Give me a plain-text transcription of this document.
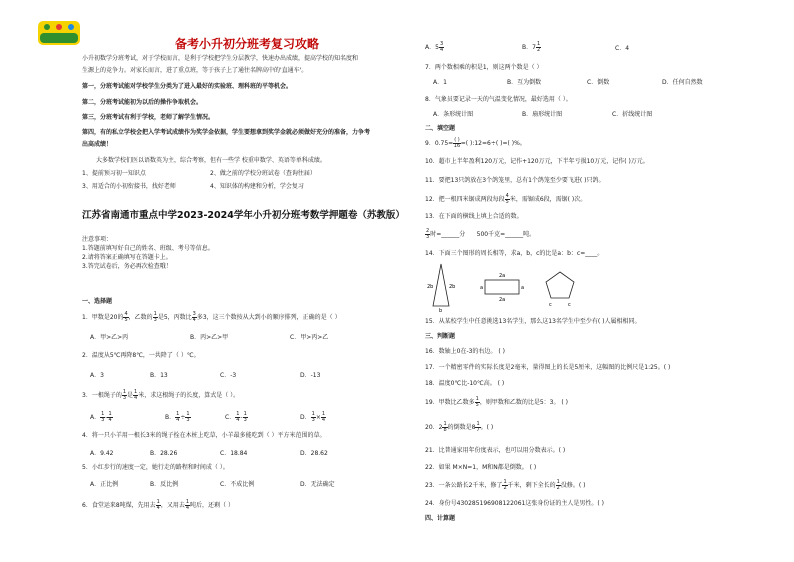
备考小升初分班考复习攻略
小升初数学分班考试，对于学校而言，是利于学校把学生分层教学，快速办出成绩，提高学校的知名度和
生源上的竞争力。对家长而言，进了重点班，等于孩子上了通往名牌高中的'直通车'。
第一，分班考试能对学校学生分类为了进入最好的实验班、理科班的平等机会。
第二，分班考试能初为以后的操作争取机会。
第三，分班考试有利于学校，老师了解学生情况。
第四，有的私立学校会把入学考试成绩作为奖学金依据，学生要想拿到奖学金就必须做好充分的准备，力争考
出高成绩！
大多数学校们医以语数英为主，综合考察，但有一些学 校重申数学、英语等单科成绩。
1、提前预习初一知识点	2、做之前的学校分班试卷（查询往届）
3、用适合的小初衔接书，找好老师	4、知识体的构建和分析，学会复习
江苏省南通市重点中学2023-2024学年小升初分班考数学押题卷（苏教版）
注意事项：
1.答题前填写好自己的姓名、班级、考号等信息。
2.请将答案正确填写在答题卡上。
3.答完试卷后，务必再次检查哦！
一、选择题
1．甲数是20的 $\frac{4}{5}$ ，乙数的 $\frac{1}{3}$ 是5，丙数比 $\frac{3}{4}$ 多3，这三个数按从大到小的顺序排列，正确的是（ ）
A．甲>乙>丙	B．丙>乙>甲	C．甲>丙>乙
2．温度从5℃再降8℃，一共降了（ ）℃。
A．3	B．13	C．-3	D．-13
3．一根绳子的 $\frac{1}{3}$ 是 $\frac{1}{4}$ 米，求这根绳子的长度，算式是（ ）。
A． $\frac{1}{3} - \frac{1}{4}$	B． $\frac{1}{4} \div \frac{1}{3}$	C． $\frac{1}{4} - \frac{1}{3}$	D． $\frac{1}{3} \times \frac{1}{4}$
4．将一只小羊用一根长3米的绳子拴在木桩上吃草，小羊最多能吃到（ ）平方米范围的草。
A．9.42	B．28.26	C．18.84	D．28.62
5．小红步行的速度一定，她行走的路程和时间成（ ）。
A．正比例	B．反比例	C．不成比例	D．无法确定
6．食堂运来8吨煤，先用去 $\frac{1}{4}$ ，又用去 $\frac{1}{4}$ 吨后，还剩（ ）
A．$5 \frac{3}{4}$	B．$7 \frac{1}{2}$	C．4
7．两个数相乘的积是1，则这两个数是（ ）
A．1	B．互为倒数	C．倒数	D．任何自然数
8．气象员要记录一天的气温变化情况，最好选用（ ）。
A．条形统计图	B．扇形统计图	C．折线统计图
二、填空题
9．$0.75= \frac{( )}{16}$ =( ):12=6÷( )=( )%。
10．超市上半年盈利120万元，记作+120万元，下半年亏损10万元，记作( )万元。
11．要把13只鸽放在3个鸽笼里，总有1个鸽笼至少要飞进( )只鸽。
12．把一根四米锯成两段每段 $\frac{4}{5}$ 米，需锯成6段，需锯( )次。
13．在下面的横线上填上合适的数。
$\frac{2}{3}$ 时=______分 500千克=______吨。
14．下面三个图形的周长相等，求a，b，c的比是a：b：c=____。
2b	2b
b
2a
2a
a	a
c	c
15．从某校学生中任意挑选13名学生，那么这13名学生中至少有( )人属相相同。
三、判断题
16．数轴上0在-3的右边。 ( )
17．一个精密零件的实际长度是2毫米，量得图上的长是5厘米，这幅图的比例尺是1:25。( )
18．温度0℃比-10℃高。 ( )
19．甲数比乙数多 $\frac{1}{5}$ ，则甲数和乙数的比是5：3。 ( )
20．$2 \frac{1}{8}$ 的倒数是$8 \frac{1}{7}$ 。( )
21．比普通家用年份度表示，也可以用分数表示。( )
22．如果 M×N=1，M和N都是倒数。 ( )
23．一条公路长2千米，修了 $\frac{1}{2}$ 千米，剩下全长的 $\frac{1}{2}$ 没修。( )
24．身份号430285196908122061这张身份证的主人是男性。( )
四、计算题
